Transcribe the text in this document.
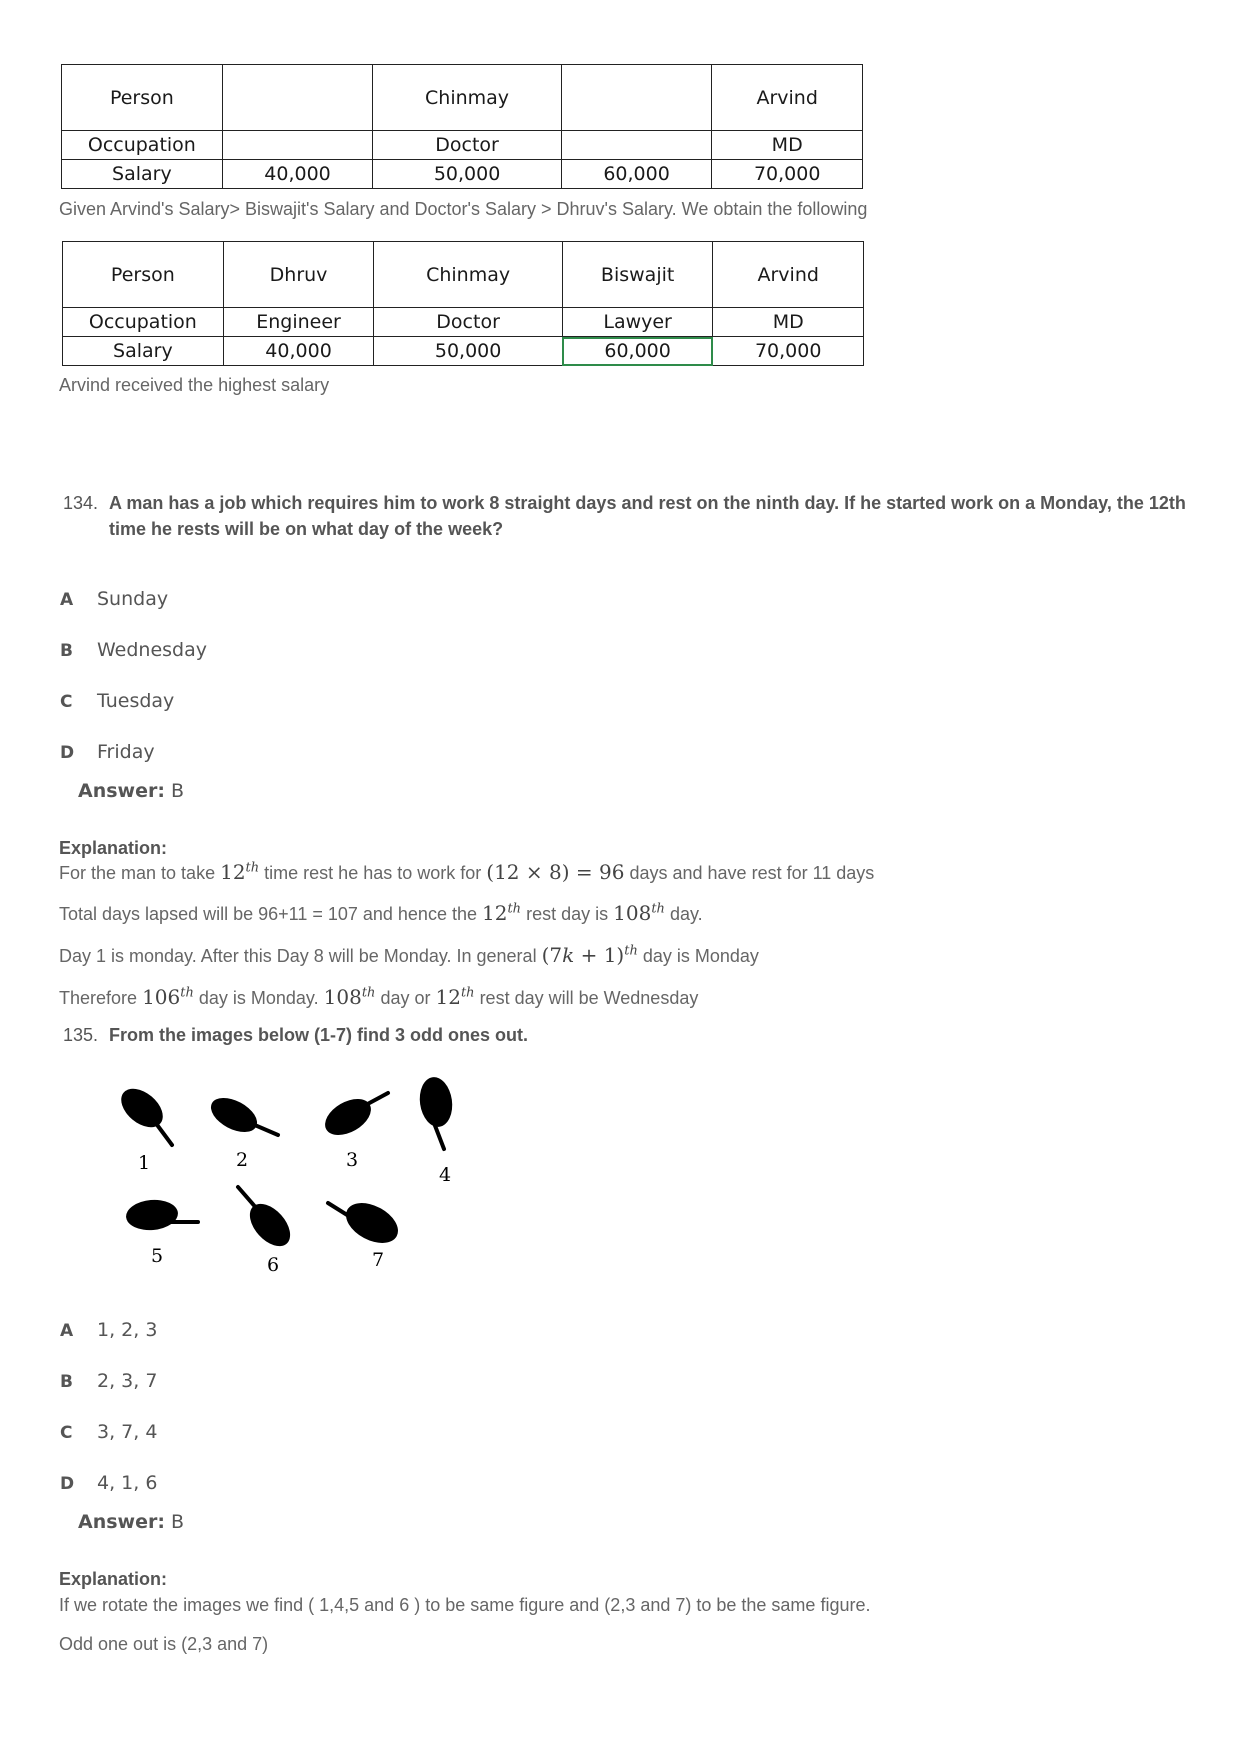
Person		Chinmay		Arvind
Occupation		Doctor		MD
Salary	40,000	50,000	60,000	70,000
Given Arvind's Salary> Biswajit's Salary and Doctor's Salary > Dhruv's Salary. We obtain the following
Person	Dhruv	Chinmay	Biswajit	Arvind
Occupation	Engineer	Doctor	Lawyer	MD
Salary	40,000	50,000	60,000	70,000
Arvind received the highest salary
134. A man has a job which requires him to work 8 straight days and rest on the ninth day. If he started work on a Monday, the 12th
time he rests will be on what day of the week?
A Sunday
B Wednesday
C Tuesday
D Friday
Answer: B
Explanation:
For the man to take 12th time rest he has to work for (12 × 8) = 96 days and have rest for 11 days
Total days lapsed will be 96+11 = 107 and hence the 12th rest day is 108th day.
Day 1 is monday. After this Day 8 will be Monday. In general $(7k + 1)^{th}$ day is Monday
Therefore 106th day is Monday. 108th day or 12th rest day will be Wednesday
135. From the images below (1-7) find 3 odd ones out.
1	2	3
4
5	6	7
A 1, 2, 3
B 2, 3, 7
C 3, 7, 4
D 4, 1, 6
Answer: B
Explanation:
If we rotate the images we find ( 1,4,5 and 6 ) to be same figure and (2,3 and 7) to be the same figure.
Odd one out is (2,3 and 7)
